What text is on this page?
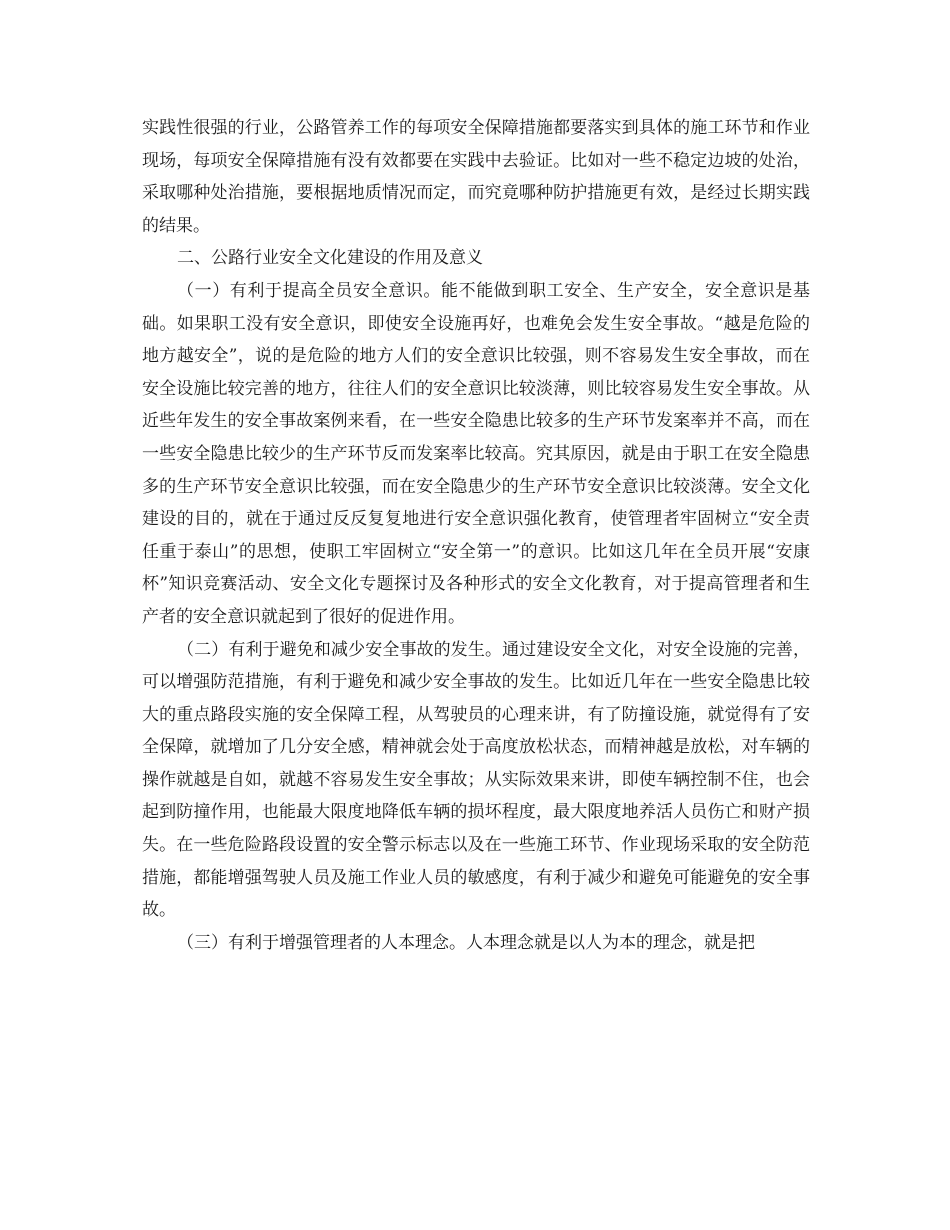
实践性很强的行业，公路管养工作的每项安全保障措施都要落实到具体的施工环节和作业现场，每项安全保障措施有没有效都要在实践中去验证。比如对一些不稳定边坡的处治，采取哪种处治措施，要根据地质情况而定，而究竟哪种防护措施更有效，是经过长期实践的结果。

二、公路行业安全文化建设的作用及意义

（一）有利于提高全员安全意识。能不能做到职工安全、生产安全，安全意识是基础。如果职工没有安全意识，即使安全设施再好，也难免会发生安全事故。“越是危险的地方越安全”，说的是危险的地方人们的安全意识比较强，则不容易发生安全事故，而在安全设施比较完善的地方，往往人们的安全意识比较淡薄，则比较容易发生安全事故。从近些年发生的安全事故案例来看，在一些安全隐患比较多的生产环节发案率并不高，而在一些安全隐患比较少的生产环节反而发案率比较高。究其原因，就是由于职工在安全隐患多的生产环节安全意识比较强，而在安全隐患少的生产环节安全意识比较淡薄。安全文化建设的目的，就在于通过反反复复地进行安全意识强化教育，使管理者牢固树立“安全责任重于泰山”的思想，使职工牢固树立“安全第一”的意识。比如这几年在全员开展“安康杯”知识竞赛活动、安全文化专题探讨及各种形式的安全文化教育，对于提高管理者和生产者的安全意识就起到了很好的促进作用。

（二）有利于避免和减少安全事故的发生。通过建设安全文化，对安全设施的完善，可以增强防范措施，有利于避免和减少安全事故的发生。比如近几年在一些安全隐患比较大的重点路段实施的安全保障工程，从驾驶员的心理来讲，有了防撞设施，就觉得有了安全保障，就增加了几分安全感，精神就会处于高度放松状态，而精神越是放松，对车辆的操作就越是自如，就越不容易发生安全事故；从实际效果来讲，即使车辆控制不住，也会起到防撞作用，也能最大限度地降低车辆的损坏程度，最大限度地养活人员伤亡和财产损失。在一些危险路段设置的安全警示标志以及在一些施工环节、作业现场采取的安全防范措施，都能增强驾驶人员及施工作业人员的敏感度，有利于减少和避免可能避免的安全事故。

（三）有利于增强管理者的人本理念。人本理念就是以人为本的理念，就是把
